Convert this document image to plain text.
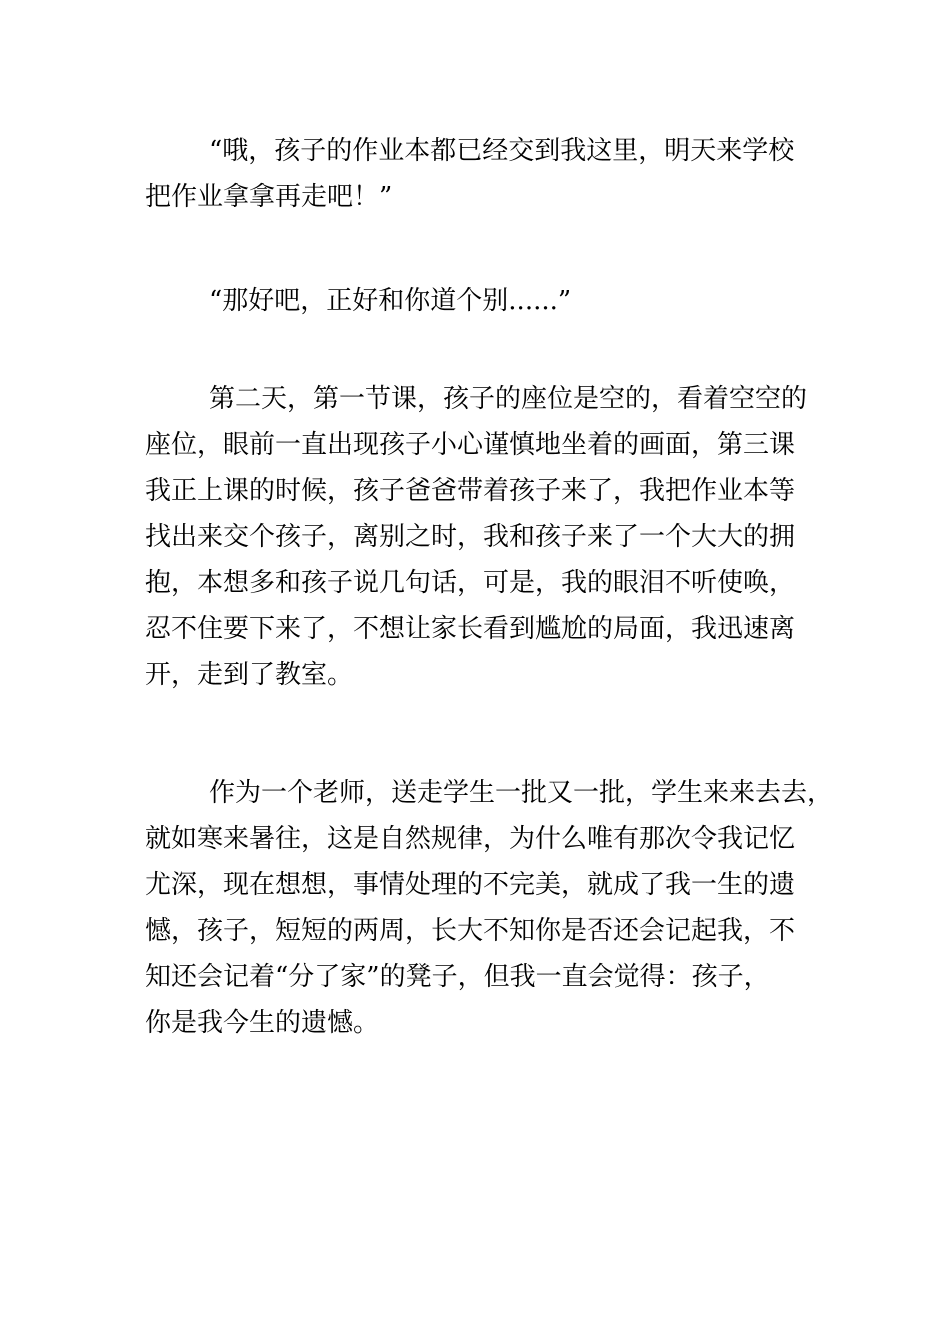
“哦，孩子的作业本都已经交到我这里，明天来学校
把作业拿拿再走吧！”
“那好吧，正好和你道个别......”
第二天，第一节课，孩子的座位是空的，看着空空的
座位，眼前一直出现孩子小心谨慎地坐着的画面，第三课
我正上课的时候，孩子爸爸带着孩子来了，我把作业本等
找出来交个孩子，离别之时，我和孩子来了一个大大的拥
抱，本想多和孩子说几句话，可是，我的眼泪不听使唤，
忍不住要下来了，不想让家长看到尴尬的局面，我迅速离
开，走到了教室。
作为一个老师，送走学生一批又一批，学生来来去去，
就如寒来暑往，这是自然规律，为什么唯有那次令我记忆
尤深，现在想想，事情处理的不完美，就成了我一生的遗
憾，孩子，短短的两周，长大不知你是否还会记起我，不
知还会记着“分了家”的凳子，但我一直会觉得：孩子，
你是我今生的遗憾。
